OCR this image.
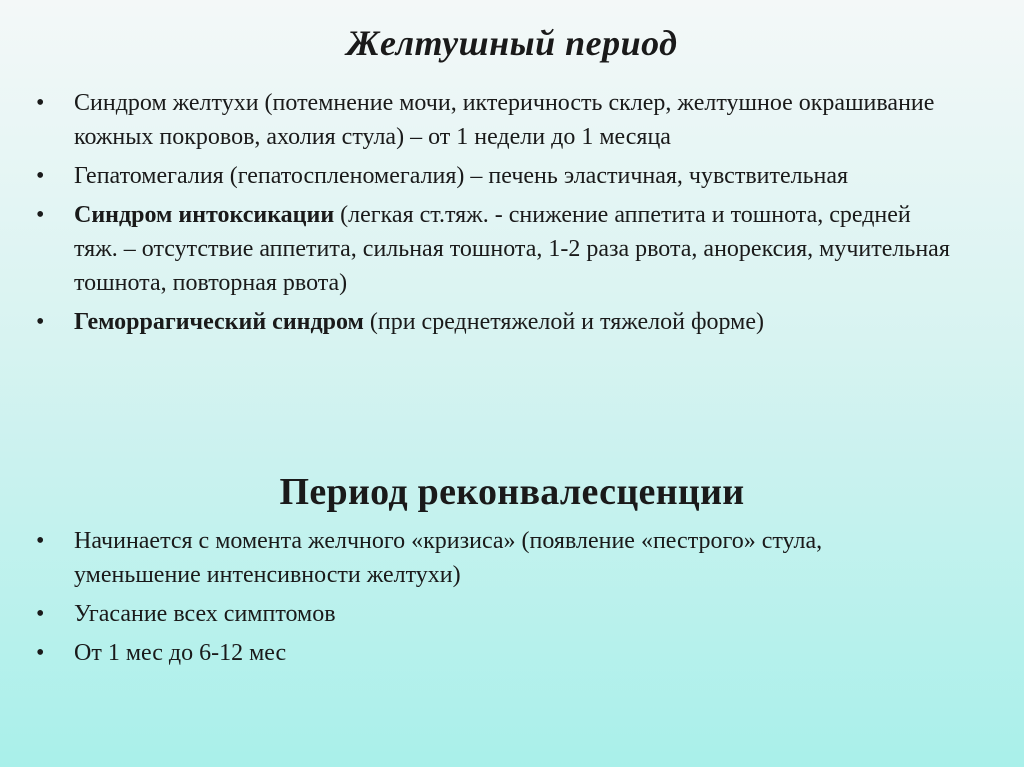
Желтушный период
• Синдром желтухи (потемнение мочи, иктеричность склер, желтушное окрашивание кожных покровов, ахолия стула) – от 1 недели до 1 месяца
• Гепатомегалия (гепатоспленомегалия) – печень эластичная, чувствительная
• Синдром интоксикации (легкая ст.тяж. - снижение аппетита и тошнота, средней тяж. – отсутствие аппетита, сильная тошнота, 1-2 раза рвота, анорексия, мучительная тошнота, повторная рвота)
• Геморрагический синдром (при среднетяжелой и тяжелой форме)
Период реконвалесценции
• Начинается с момента желчного «кризиса» (появление «пестрого» стула, уменьшение интенсивности желтухи)
• Угасание всех симптомов
• От 1 мес до 6-12 мес
